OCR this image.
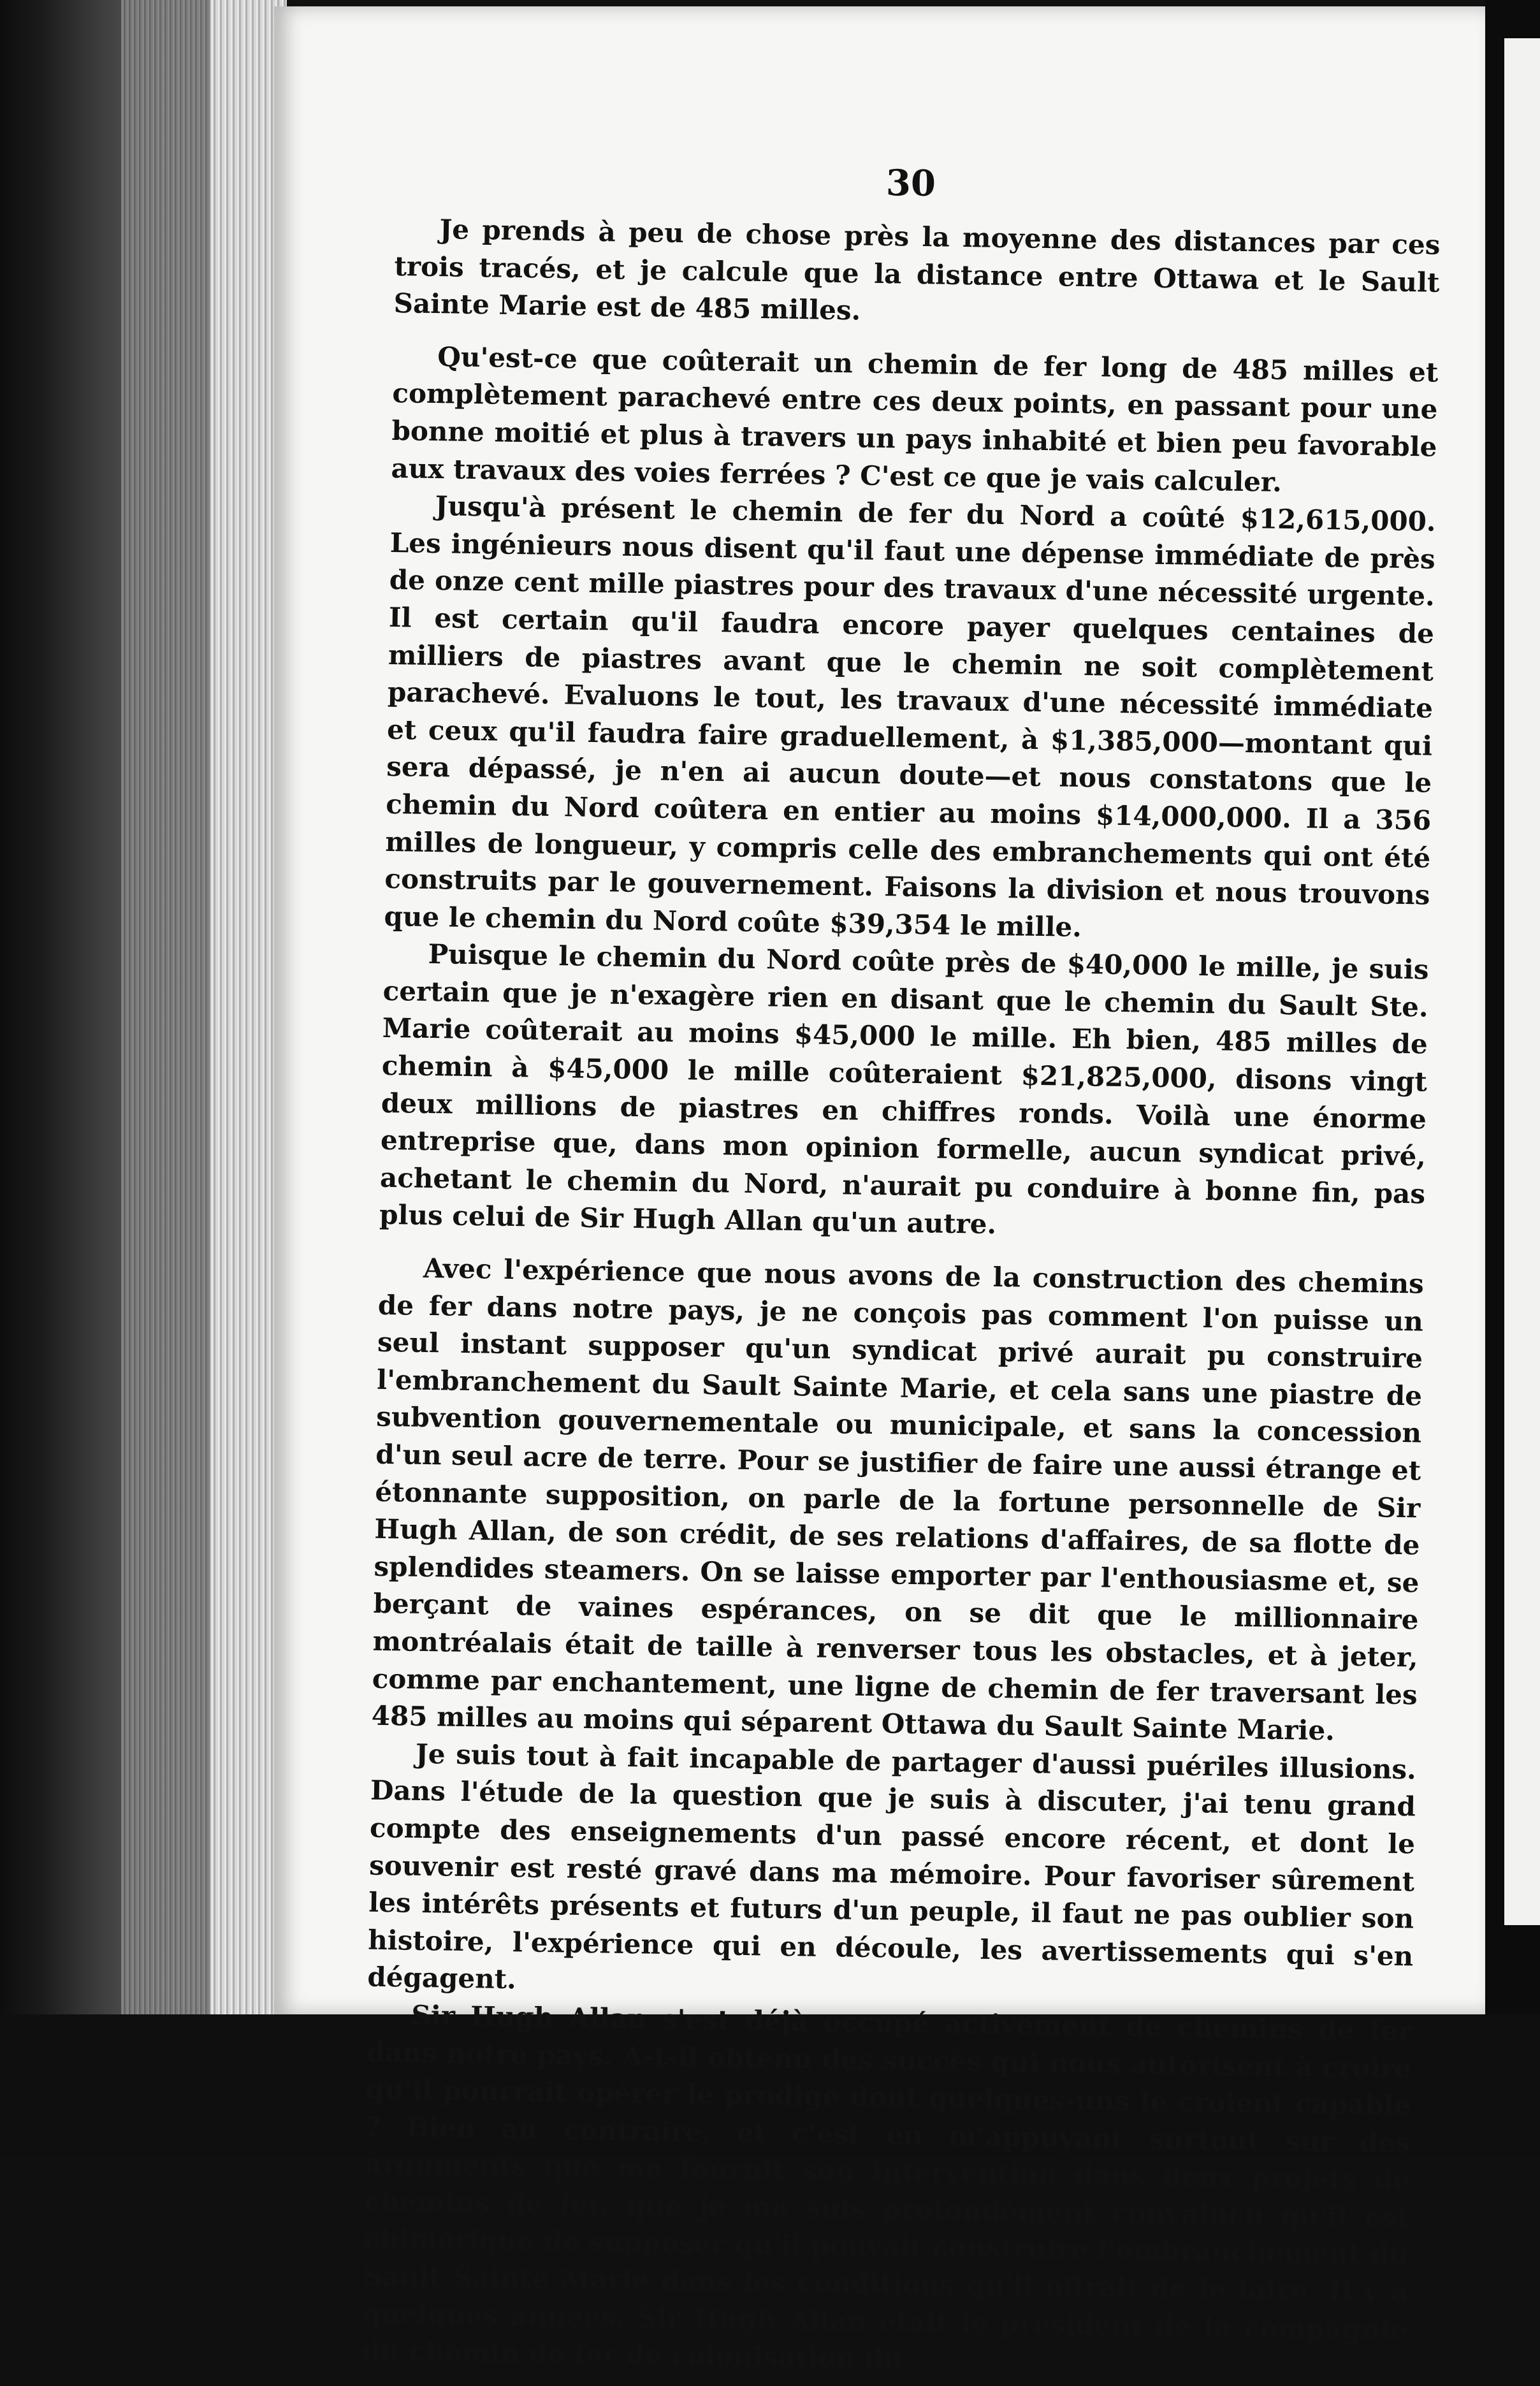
30

Je prends à peu de chose près la moyenne des distances par ces trois tracés, et je calcule que la distance entre Ottawa et le Sault Sainte Marie est de 485 milles.

Qu'est-ce que coûterait un chemin de fer long de 485 milles et complètement parachevé entre ces deux points, en passant pour une bonne moitié et plus à travers un pays inhabité et bien peu favorable aux travaux des voies ferrées ? C'est ce que je vais calculer.

Jusqu'à présent le chemin de fer du Nord a coûté $12,615,000. Les ingénieurs nous disent qu'il faut une dépense immédiate de près de onze cent mille piastres pour des travaux d'une nécessité urgente. Il est certain qu'il faudra encore payer quelques centaines de milliers de piastres avant que le chemin ne soit complètement parachevé. Evaluons le tout, les travaux d'une nécessité immédiate et ceux qu'il faudra faire graduellement, à $1,385,000—montant qui sera dépassé, je n'en ai aucun doute—et nous constatons que le chemin du Nord coûtera en entier au moins $14,000,000. Il a 356 milles de longueur, y compris celle des embranchements qui ont été construits par le gouvernement. Faisons la division et nous trouvons que le chemin du Nord coûte $39,354 le mille.

Puisque le chemin du Nord coûte près de $40,000 le mille, je suis certain que je n'exagère rien en disant que le chemin du Sault Ste. Marie coûterait au moins $45,000 le mille. Eh bien, 485 milles de chemin à $45,000 le mille coûteraient $21,825,000, disons vingt deux millions de piastres en chiffres ronds. Voilà une énorme entreprise que, dans mon opinion formelle, aucun syndicat privé, achetant le chemin du Nord, n'aurait pu conduire à bonne fin, pas plus celui de Sir Hugh Allan qu'un autre.

Avec l'expérience que nous avons de la construction des chemins de fer dans notre pays, je ne conçois pas comment l'on puisse un seul instant supposer qu'un syndicat privé aurait pu construire l'embranchement du Sault Sainte Marie, et cela sans une piastre de subvention gouvernementale ou municipale, et sans la concession d'un seul acre de terre. Pour se justifier de faire une aussi étrange et étonnante supposition, on parle de la fortune personnelle de Sir Hugh Allan, de son crédit, de ses relations d'affaires, de sa flotte de splendides steamers. On se laisse emporter par l'enthousiasme et, se berçant de vaines espérances, on se dit que le millionnaire montréalais était de taille à renverser tous les obstacles, et à jeter, comme par enchantement, une ligne de chemin de fer traversant les 485 milles au moins qui séparent Ottawa du Sault Sainte Marie.

Je suis tout à fait incapable de partager d'aussi puériles illusions. Dans l'étude de la question que je suis à discuter, j'ai tenu grand compte des enseignements d'un passé encore récent, et dont le souvenir est resté gravé dans ma mémoire. Pour favoriser sûrement les intérêts présents et futurs d'un peuple, il faut ne pas oublier son histoire, l'expérience qui en découle, les avertissements qui s'en dégagent.

Sir Hugh Allan s'est déjà occupé activement de chemins de fer dans notre pays. A-t-il obtenu des succès qui nous autorisent à croire qu'il pourrait opérer le prodige dont quelques-uns le croient capable ? Bien au contraire, et c'est en m'appuyant surtout sur des arguments que me fournit son intervention dans deux projets de chemins de fer, que je me suis profondément convaincu qu'il est chimérique de supposer qu'il pouvait construire l'embranchement du Sault Sainte Marie dans les conditions qu'il offrait de le faire. Il y a quelques années, Sir Hugh Allan était le président de la compagnie du chemin de fer de colonisation du
